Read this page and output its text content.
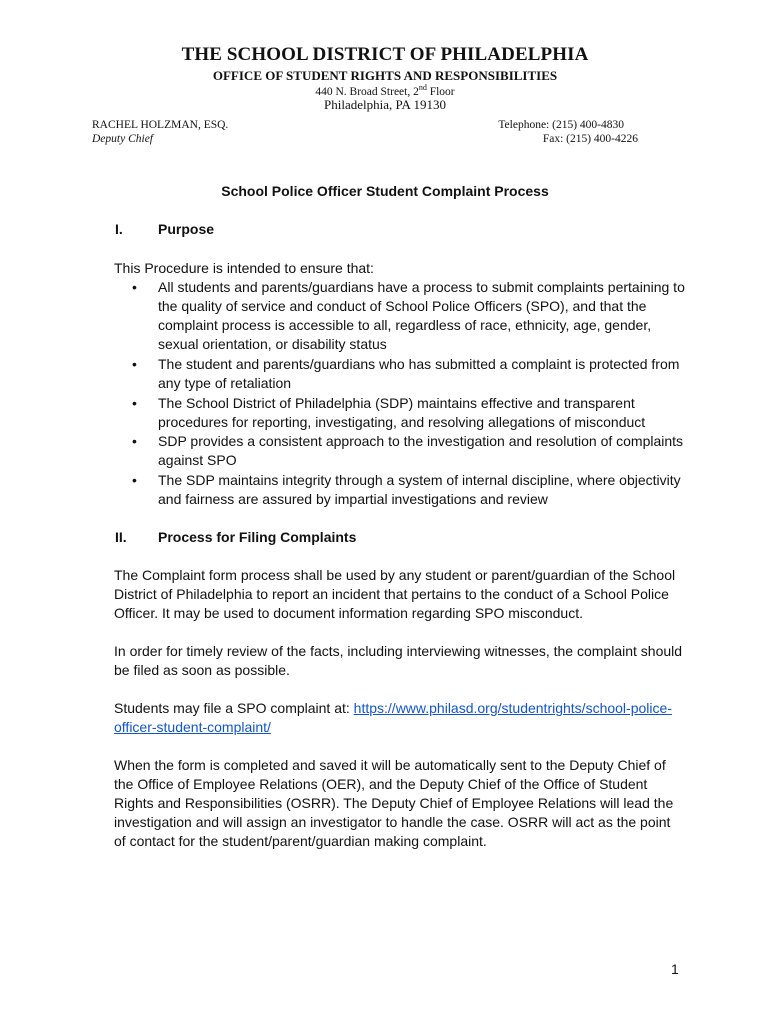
THE SCHOOL DISTRICT OF PHILADELPHIA
OFFICE OF STUDENT RIGHTS AND RESPONSIBILITIES
440 N. Broad Street, 2nd Floor
Philadelphia, PA 19130
RACHEL HOLZMAN, ESQ.
Deputy Chief
Telephone: (215) 400-4830
Fax: (215) 400-4226
School Police Officer Student Complaint Process
I.	Purpose
This Procedure is intended to ensure that:
• All students and parents/guardians have a process to submit complaints pertaining to the quality of service and conduct of School Police Officers (SPO), and that the complaint process is accessible to all, regardless of race, ethnicity, age, gender, sexual orientation, or disability status
• The student and parents/guardians who has submitted a complaint is protected from any type of retaliation
• The School District of Philadelphia (SDP) maintains effective and transparent procedures for reporting, investigating, and resolving allegations of misconduct
• SDP provides a consistent approach to the investigation and resolution of complaints against SPO
• The SDP maintains integrity through a system of internal discipline, where objectivity and fairness are assured by impartial investigations and review
II. Process for Filing Complaints
The Complaint form process shall be used by any student or parent/guardian of the School District of Philadelphia to report an incident that pertains to the conduct of a School Police Officer. It may be used to document information regarding SPO misconduct.
In order for timely review of the facts, including interviewing witnesses, the complaint should be filed as soon as possible.
Students may file a SPO complaint at: https://www.philasd.org/studentrights/school-police-officer-student-complaint/
When the form is completed and saved it will be automatically sent to the Deputy Chief of the Office of Employee Relations (OER), and the Deputy Chief of the Office of Student Rights and Responsibilities (OSRR). The Deputy Chief of Employee Relations will lead the investigation and will assign an investigator to handle the case. OSRR will act as the point of contact for the student/parent/guardian making complaint.
1
